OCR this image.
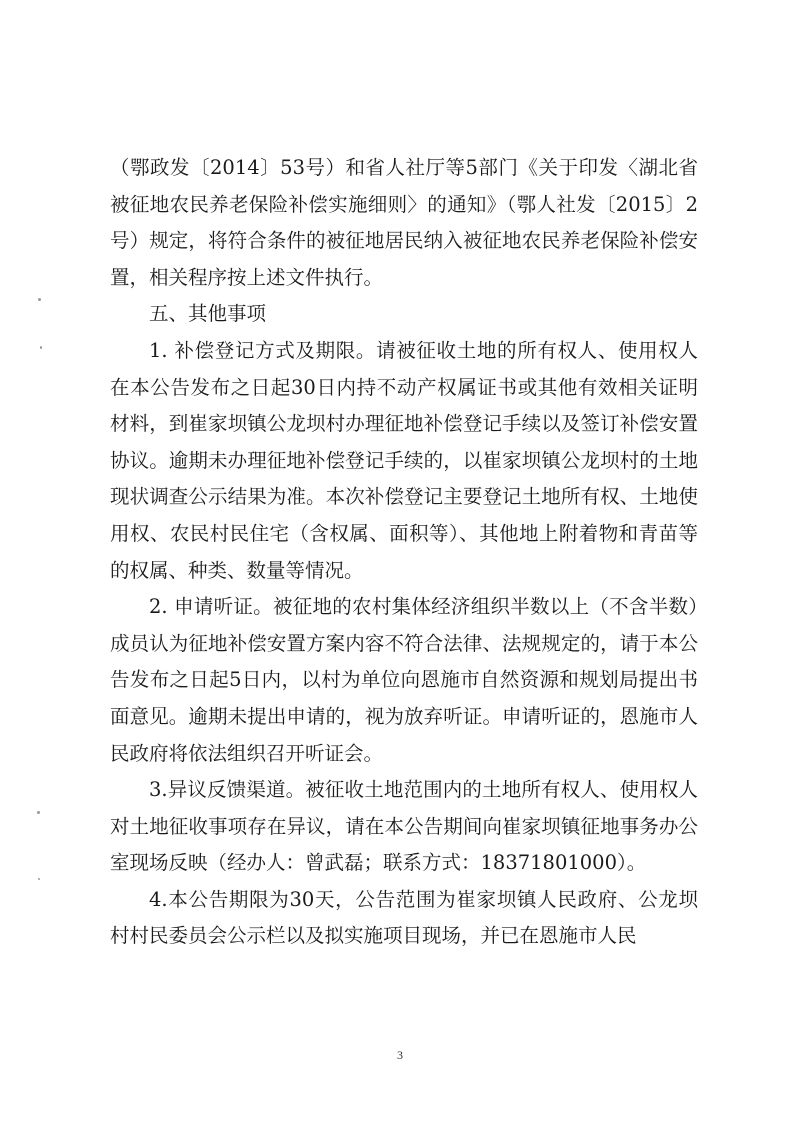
（鄂政发〔2014〕53号）和省人社厅等5部门《关于印发〈湖北省被征地农民养老保险补偿实施细则〉的通知》（鄂人社发〔2015〕2号）规定，将符合条件的被征地居民纳入被征地农民养老保险补偿安置，相关程序按上述文件执行。

五、其他事项

1. 补偿登记方式及期限。请被征收土地的所有权人、使用权人在本公告发布之日起30日内持不动产权属证书或其他有效相关证明材料，到崔家坝镇公龙坝村办理征地补偿登记手续以及签订补偿安置协议。逾期未办理征地补偿登记手续的，以崔家坝镇公龙坝村的土地现状调查公示结果为准。本次补偿登记主要登记土地所有权、土地使用权、农民村民住宅（含权属、面积等）、其他地上附着物和青苗等的权属、种类、数量等情况。

2. 申请听证。被征地的农村集体经济组织半数以上（不含半数）成员认为征地补偿安置方案内容不符合法律、法规规定的，请于本公告发布之日起5日内，以村为单位向恩施市自然资源和规划局提出书面意见。逾期未提出申请的，视为放弃听证。申请听证的，恩施市人民政府将依法组织召开听证会。

3.异议反馈渠道。被征收土地范围内的土地所有权人、使用权人对土地征收事项存在异议，请在本公告期间向崔家坝镇征地事务办公室现场反映（经办人：曾武磊；联系方式：18371801000）。

4.本公告期限为30天，公告范围为崔家坝镇人民政府、公龙坝村村民委员会公示栏以及拟实施项目现场，并已在恩施市人民

3
